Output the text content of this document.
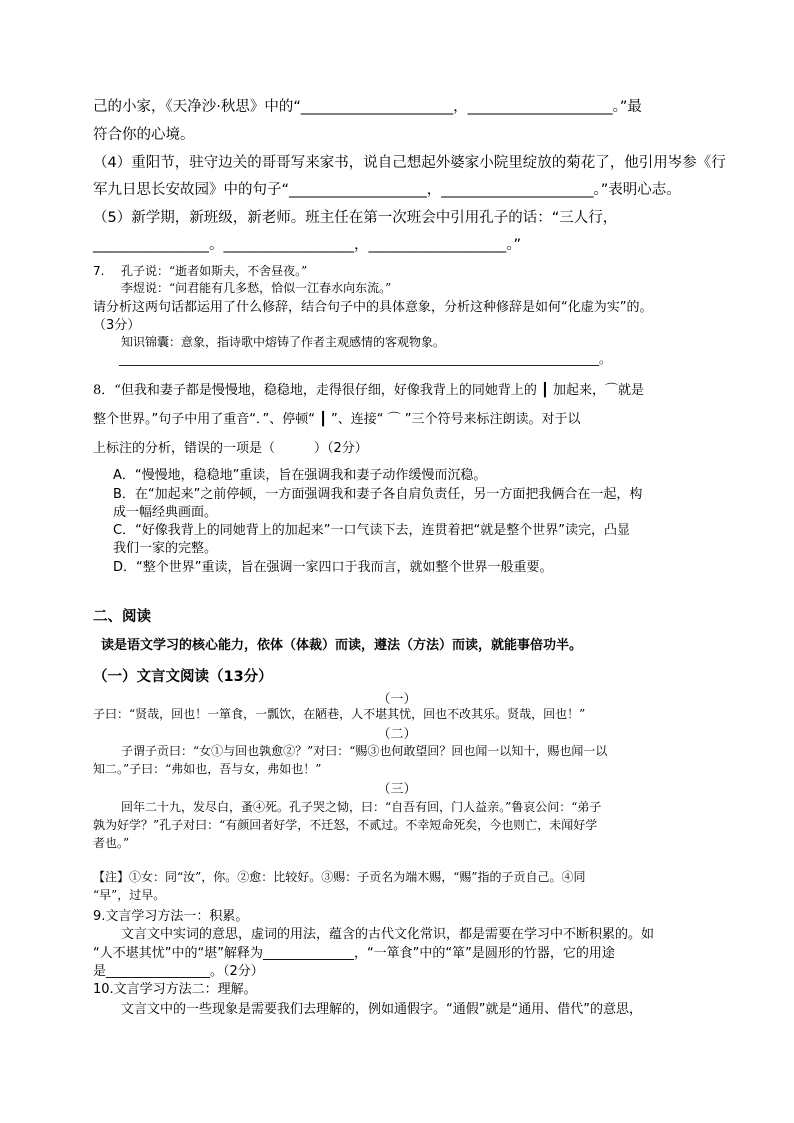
己的小家，《天净沙·秋思》中的“_____________________，____________________。”最
符合你的心境。
（4）重阳节，驻守边关的哥哥写来家书，说自己想起外婆家小院里绽放的菊花了，他引用岑参《行
军九日思长安故园》中的句子“___________________，_____________________。”表明心志。
（5）新学期，新班级，新老师。班主任在第一次班会中引用孔子的话：“三人行，
________________。__________________，___________________。”
7. 孔子说：“逝者如斯夫，不舍昼夜。”
李煜说：“问君能有几多愁，恰似一江春水向东流。”
请分析这两句话都运用了什么修辞，结合句子中的具体意象，分析这种修辞是如何“化虚为实”的。
（3分）
知识锦囊：意象，指诗歌中熔铸了作者主观感情的客观物象。
________________________________________________________________________________。
8．“但我和妻子都是慢慢地，稳稳地，走得很仔细，好像我背上的同她背上的 ┃ 加起来，⌒就是
整个世界。”句子中用了重音“．”、停顿“ ┃ ”、连接“ ⌒ ”三个符号来标注朗读。对于以
上标注的分析，错误的一项是（　　　）（2分）
A．“慢慢地，稳稳地”重读，旨在强调我和妻子动作缓慢而沉稳。
B．在“加起来”之前停顿，一方面强调我和妻子各自肩负责任，另一方面把我俩合在一起，构
成一幅经典画面。
C．“好像我背上的同她背上的加起来”一口气读下去，连贯着把“就是整个世界”读完，凸显
我们一家的完整。
D．“整个世界”重读，旨在强调一家四口于我而言，就如整个世界一般重要。
二、阅读
读是语文学习的核心能力，依体（体裁）而读，遵法（方法）而读，就能事倍功半。
（一）文言文阅读（13分）
（一）
子曰：“贤哉，回也！一箪食，一瓢饮，在陋巷，人不堪其忧，回也不改其乐。贤哉，回也！”
（二）
子谓子贡曰：“女①与回也孰愈②？”对曰：“赐③也何敢望回？回也闻一以知十，赐也闻一以
知二。”子曰：“弗如也，吾与女，弗如也！”
（三）
回年二十九，发尽白，蚤④死。孔子哭之恸，曰：“自吾有回，门人益亲。”鲁哀公问：“弟子
孰为好学？”孔子对曰：“有颜回者好学，不迁怒，不贰过。不幸短命死矣，今也则亡，未闻好学
者也。”
【注】①女：同“汝”，你。②愈：比较好。③赐：子贡名为端木赐，“赐”指的子贡自己。④同
“早”，过早。
9.文言学习方法一：积累。
文言文中实词的意思，虚词的用法，蕴含的古代文化常识，都是需要在学习中不断积累的。如
“人不堪其忧”中的“堪”解释为______________，“一箪食”中的“箪”是圆形的竹器，它的用途
是________________。（2分）
10.文言学习方法二：理解。
文言文中的一些现象是需要我们去理解的，例如通假字。“通假”就是“通用、借代”的意思，
